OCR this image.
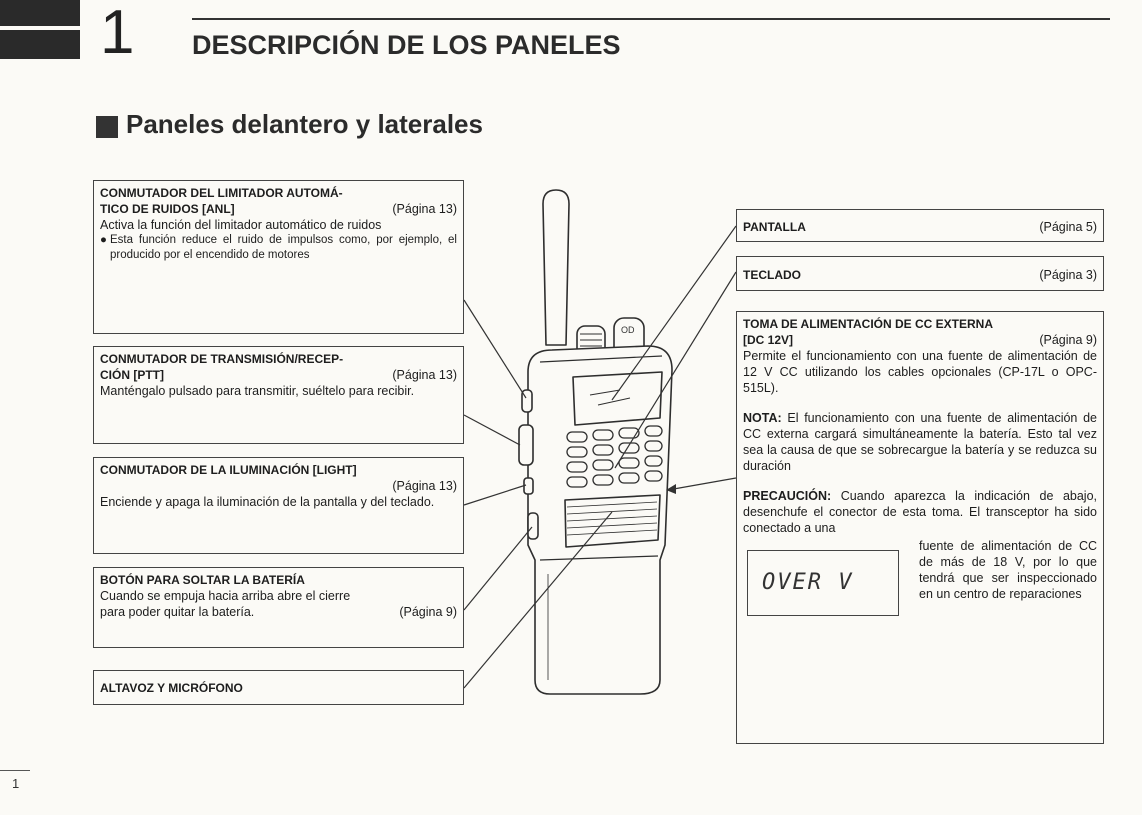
1 DESCRIPCIÓN DE LOS PANELES
Paneles delantero y laterales
OD
CONMUTADOR DEL LIMITADOR AUTOMÁ-
TICO DE RUIDOS [ANL]	(Página 13)
Activa la función del limitador automático de ruidos
● Esta función reduce el ruido de impulsos como, por ejemplo, el producido por el encendido de motores
CONMUTADOR DE TRANSMISIÓN/RECEP-
CIÓN [PTT]	(Página 13)
Manténgalo pulsado para transmitir, suéltelo para recibir.
CONMUTADOR DE LA ILUMINACIÓN [LIGHT]
(Página 13)
Enciende y apaga la iluminación de la pantalla y del teclado.
BOTÓN PARA SOLTAR LA BATERÍA
Cuando se empuja hacia arriba abre el cierre
para poder quitar la batería.	(Página 9)
ALTAVOZ Y MICRÓFONO
PANTALLA	(Página 5)
TECLADO	(Página 3)
TOMA DE ALIMENTACIÓN DE CC EXTERNA
[DC 12V]	(Página 9)
Permite el funcionamiento con una fuente de alimentación de 12 V CC utilizando los cables opcionales (CP-17L o OPC-515L).
NOTA: El funcionamiento con una fuente de alimentación de CC externa cargará simultáneamente la batería. Esto tal vez sea la causa de que se sobrecargue la batería y se reduzca su duración
PRECAUCIÓN: Cuando aparezca la indicación de abajo, desenchufe el conector de esta toma. El transceptor ha sido conectado a una
OVER V
fuente de alimentación de CC de más de 18 V, por lo que tendrá que ser inspeccionado en un centro de reparaciones
1
